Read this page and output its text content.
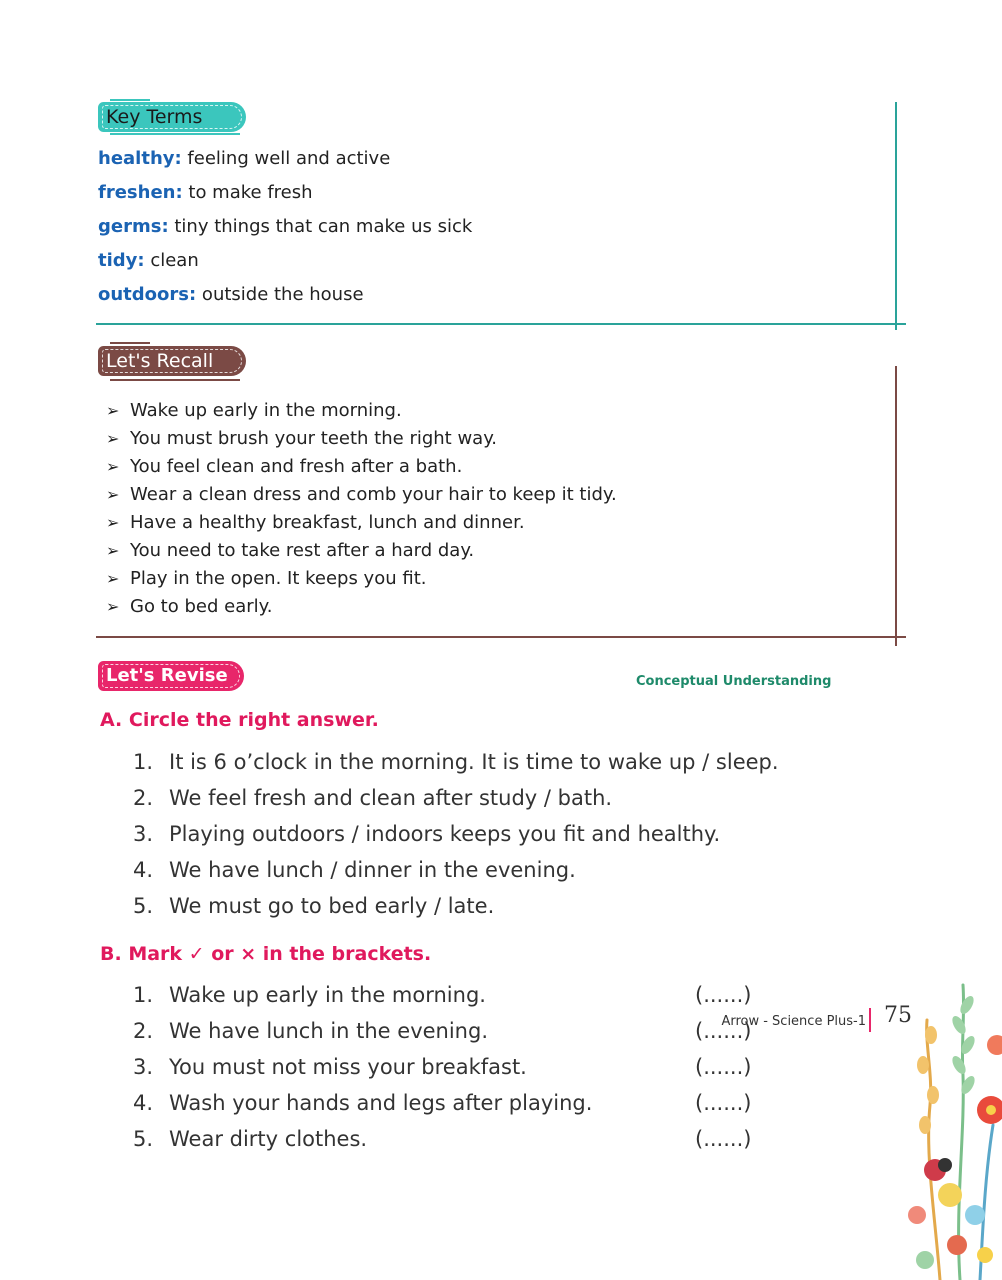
Key Terms
healthy: feeling well and active
freshen: to make fresh
germs: tiny things that can make us sick
tidy: clean
outdoors: outside the house
Let's Recall
➢ Wake up early in the morning.
➢ You must brush your teeth the right way.
➢ You feel clean and fresh after a bath.
➢ Wear a clean dress and comb your hair to keep it tidy.
➢ Have a healthy breakfast, lunch and dinner.
➢ You need to take rest after a hard day.
➢ Play in the open. It keeps you fit.
➢ Go to bed early.
Let's Revise	Conceptual Understanding
A. Circle the right answer.
1. It is 6 o’clock in the morning. It is time to wake up / sleep.
2. We feel fresh and clean after study / bath.
3. Playing outdoors / indoors keeps you fit and healthy.
4. We have lunch / dinner in the evening.
5. We must go to bed early / late.
B. Mark ✓ or × in the brackets.
1. Wake up early in the morning.
2. We have lunch in the evening.
3. You must not miss your breakfast.
4. Wash your hands and legs after playing.
5. Wear dirty clothes.
(......)
(......)
(......)
(......)
(......)
Arrow - Science Plus-1 75
